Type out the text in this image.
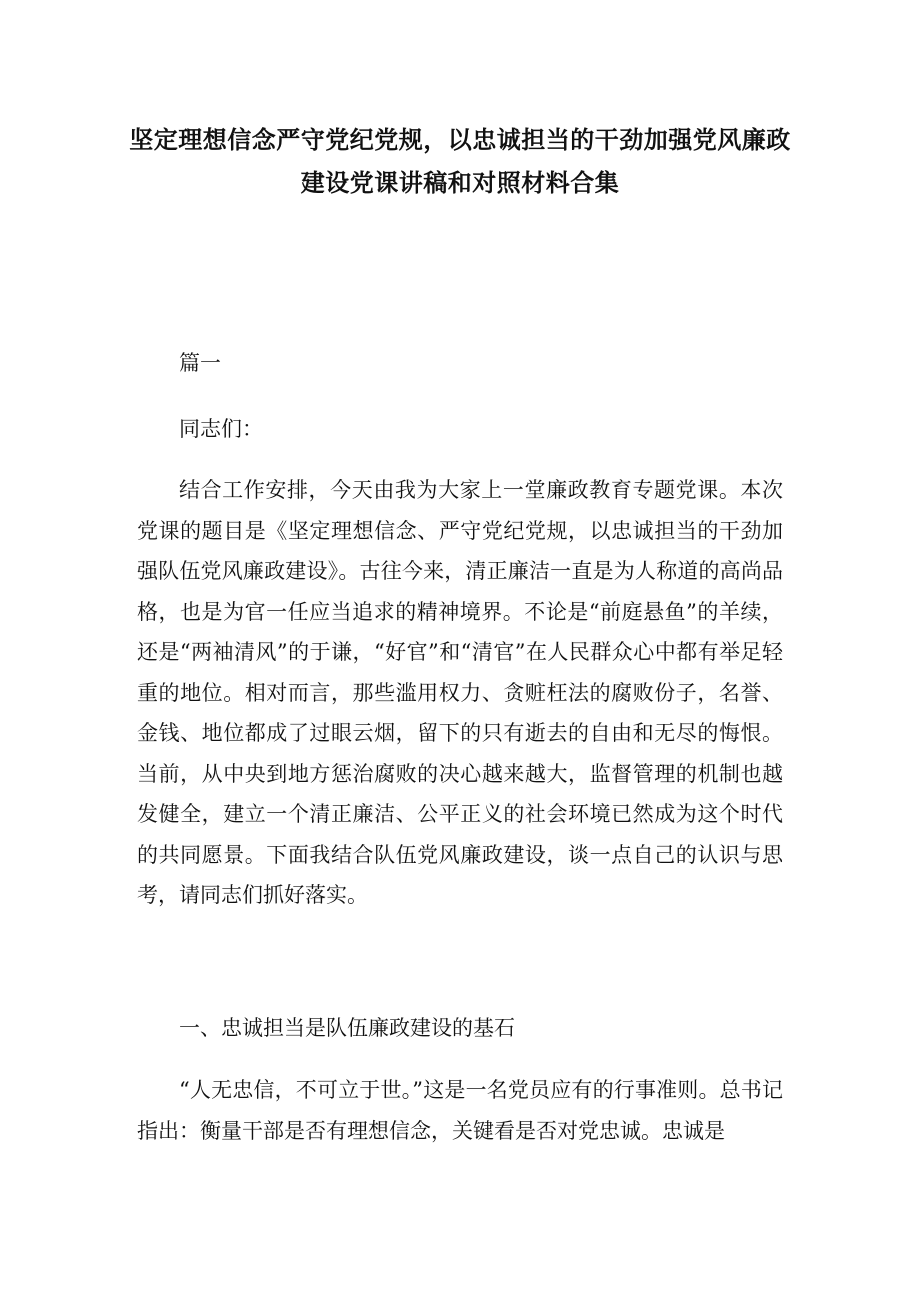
坚定理想信念严守党纪党规，以忠诚担当的干劲加强党风廉政建设党课讲稿和对照材料合集

篇一

同志们：

结合工作安排，今天由我为大家上一堂廉政教育专题党课。本次党课的题目是《坚定理想信念、严守党纪党规，以忠诚担当的干劲加强队伍党风廉政建设》。古往今来，清正廉洁一直是为人称道的高尚品格，也是为官一任应当追求的精神境界。不论是“前庭悬鱼”的羊续，还是“两袖清风”的于谦，“好官”和“清官”在人民群众心中都有举足轻重的地位。相对而言，那些滥用权力、贪赃枉法的腐败份子，名誉、金钱、地位都成了过眼云烟，留下的只有逝去的自由和无尽的悔恨。当前，从中央到地方惩治腐败的决心越来越大，监督管理的机制也越发健全，建立一个清正廉洁、公平正义的社会环境已然成为这个时代的共同愿景。下面我结合队伍党风廉政建设，谈一点自己的认识与思考，请同志们抓好落实。

一、忠诚担当是队伍廉政建设的基石

“人无忠信，不可立于世。”这是一名党员应有的行事准则。总书记指出：衡量干部是否有理想信念，关键看是否对党忠诚。忠诚是
